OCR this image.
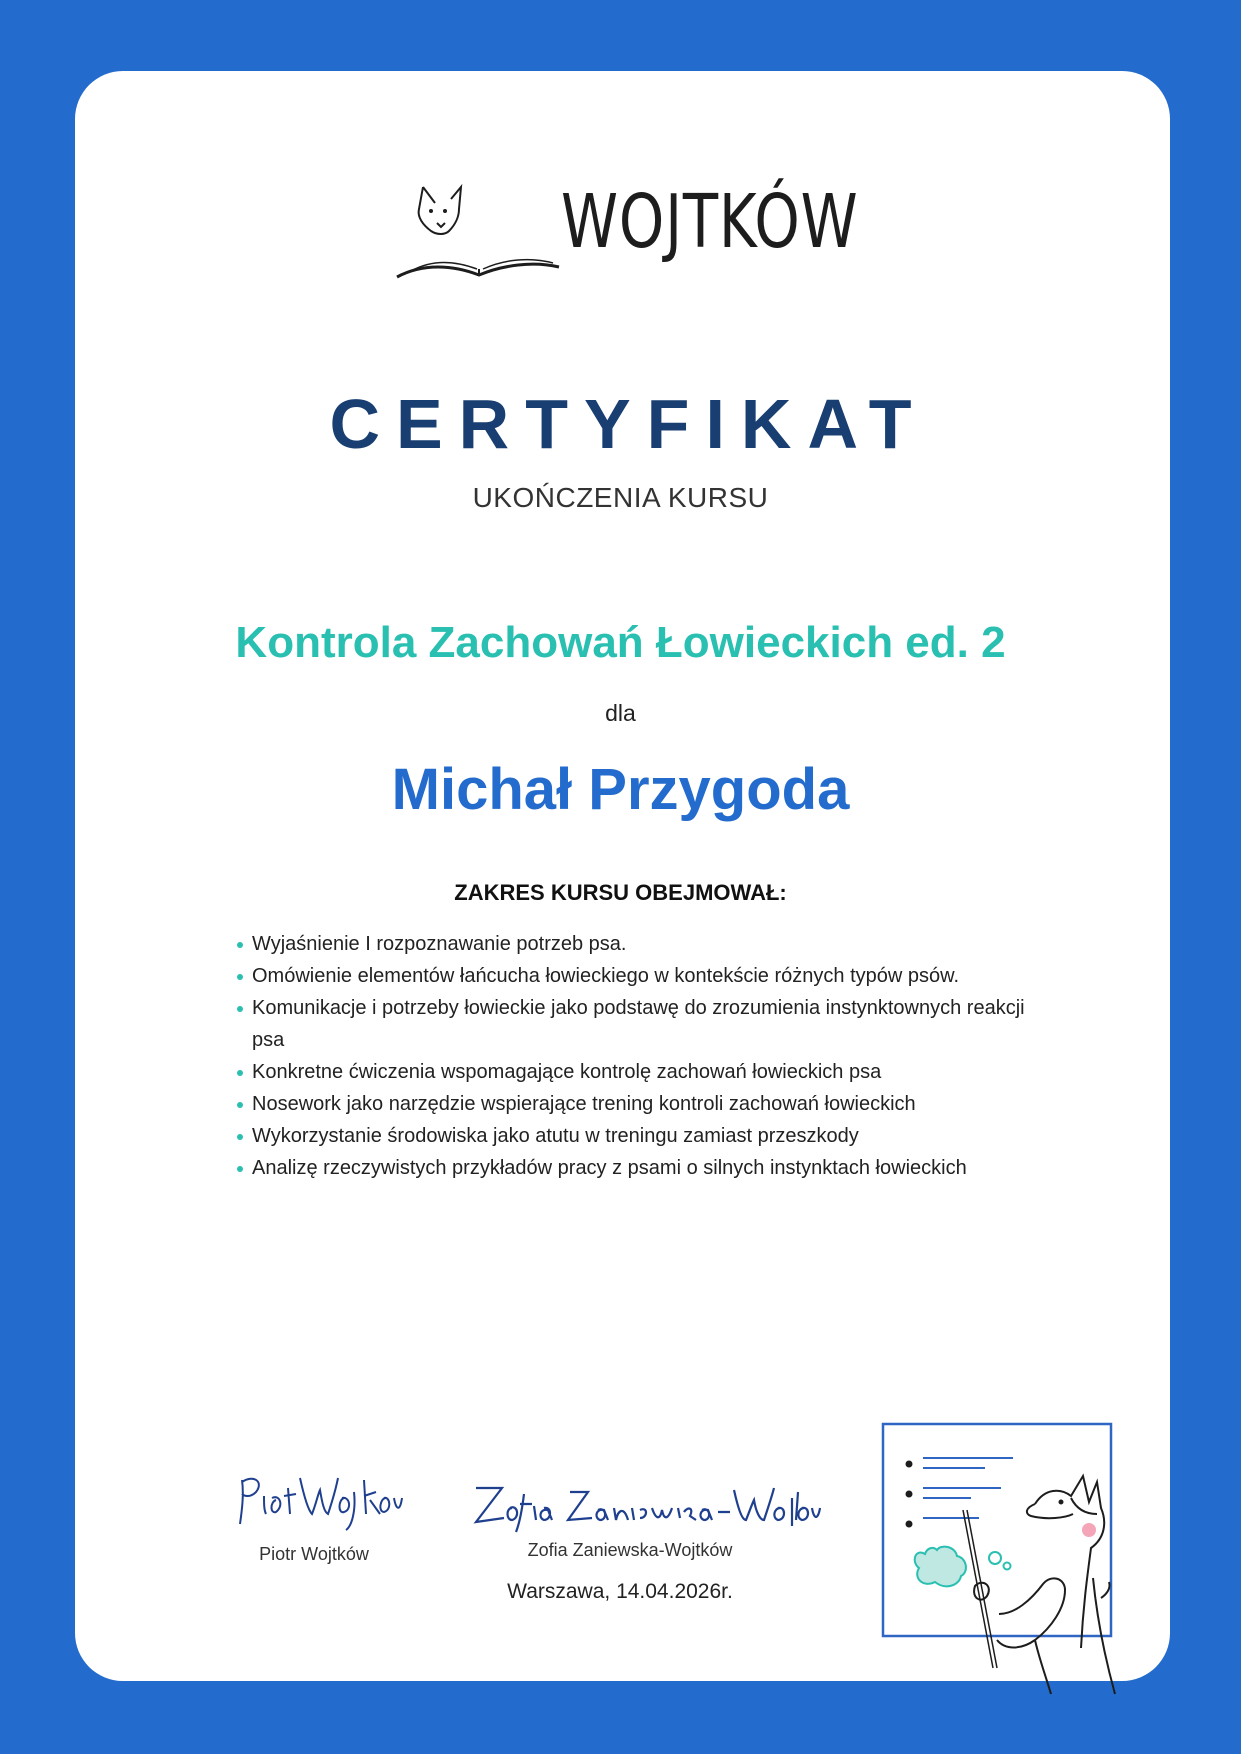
WOJTKÓW
CERTYFIKAT
UKOŃCZENIA KURSU
Kontrola Zachowań Łowieckich ed. 2
dla
Michał Przygoda
ZAKRES KURSU OBEJMOWAŁ:
Wyjaśnienie I rozpoznawanie potrzeb psa.
Omówienie elementów łańcucha łowieckiego w kontekście różnych typów psów.
Komunikacje i potrzeby łowieckie jako podstawę do zrozumienia instynktownych reakcji psa
Konkretne ćwiczenia wspomagające kontrolę zachowań łowieckich psa
Nosework jako narzędzie wspierające trening kontroli zachowań łowieckich
Wykorzystanie środowiska jako atutu w treningu zamiast przeszkody
Analizę rzeczywistych przykładów pracy z psami o silnych instynktach łowieckich
Piotr Wojtków	Zofia Zaniewska-Wojtków
Warszawa, 14.04.2026r.
